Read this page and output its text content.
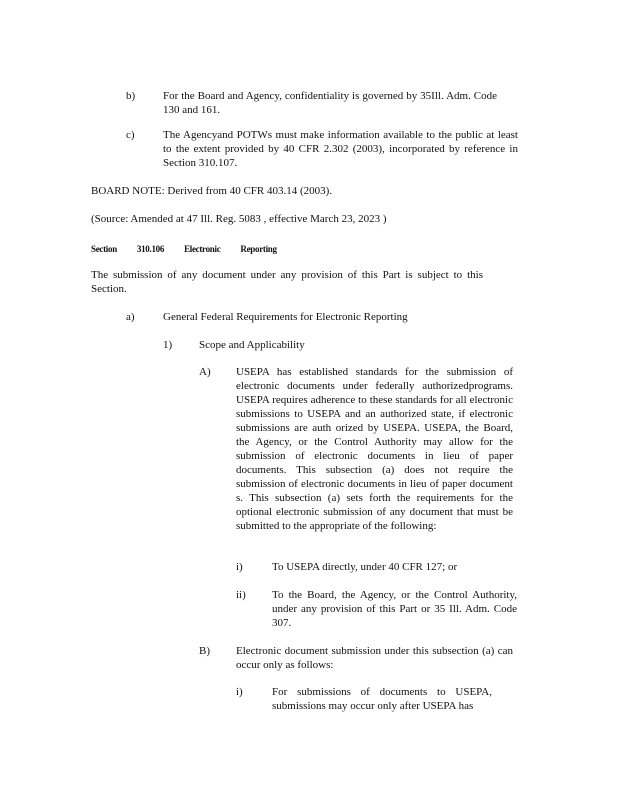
b)	For the Board and Agency, confidentiality is governed by 35Ill. Adm. Code 130 and 161.

c)	The Agencyand POTWs must make information available to the public at least to the extent provided by 40 CFR 2.302 (2003), incorporated by reference in Section 310.107.

BOARD NOTE: Derived from 40 CFR 403.14 (2003).

(Source: Amended at 47 Ill. Reg. 5083 , effective March 23, 2023 )

Section 310.106 Electronic Reporting

The submission of any document under any provision of this Part is subject to this Section.

a)	General Federal Requirements for Electronic Reporting

1) Scope and Applicability

A) USEPA has established standards for the submission of electronic documents under federally authorizedprograms. USEPA requires adherence to these standards for all electronic submissions to USEPA and an authorized state, if electronic submissions are auth orized by USEPA. USEPA, the Board, the Agency, or the Control Authority may allow for the submission of electronic documents in lieu of paper documents. This subsection (a) does not require the submission of electronic documents in lieu of paper document s. This subsection (a) sets forth the requirements for the optional electronic submission of any document that must be submitted to the appropriate of the following:

i)	To USEPA directly, under 40 CFR 127; or

ii) To the Board, the Agency, or the Control Authority, under any provision of this Part or 35 Ill. Adm. Code 307.

B) Electronic document submission under this subsection (a) can occur only as follows:

i)	For submissions of documents to USEPA, submissions may occur only after USEPA has
